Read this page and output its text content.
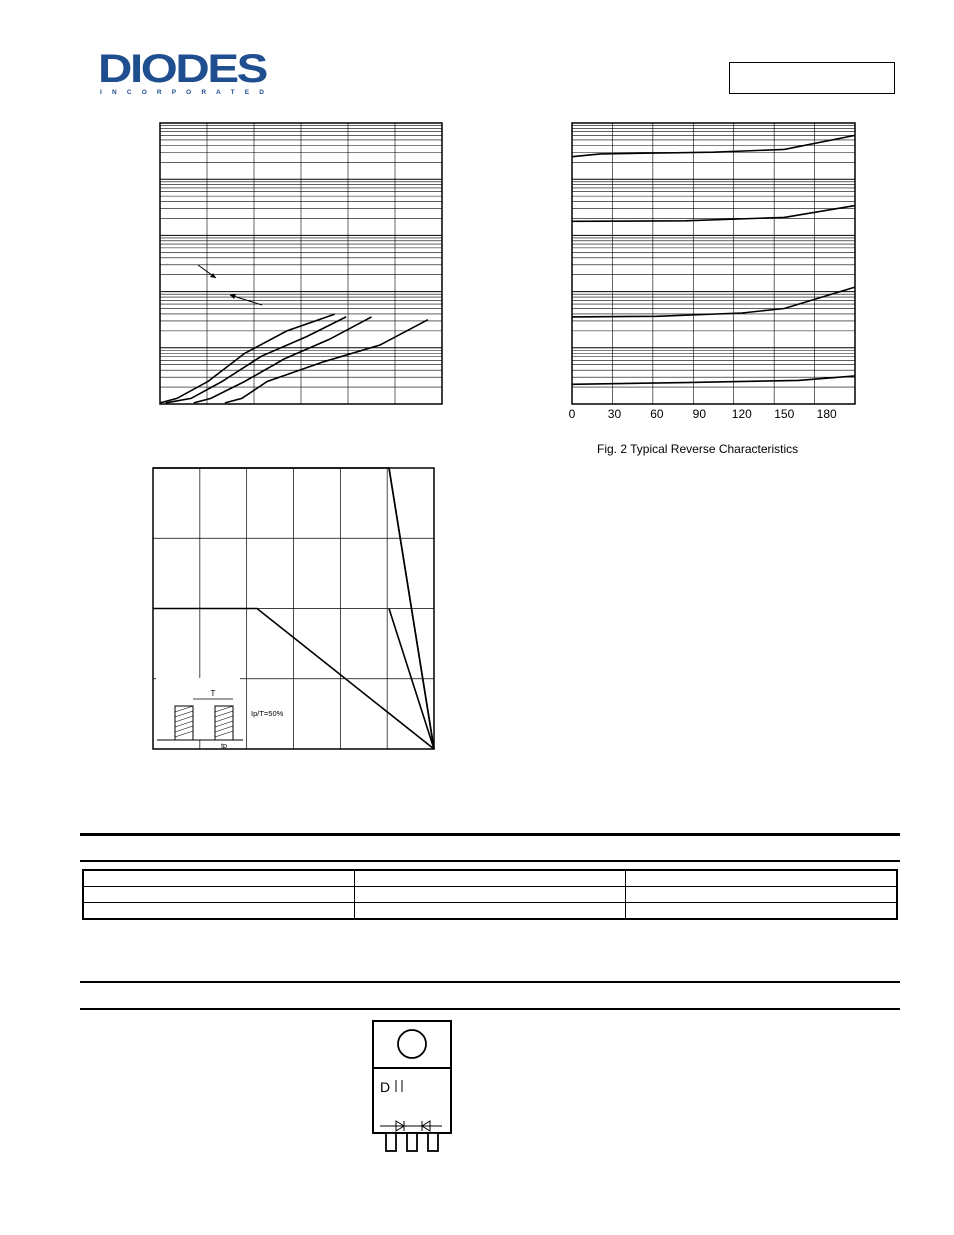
DIODES
I N C O R P O R A T E D
0	30 60 90 120 150 180
Fig. 2 Typical Reverse Characteristics
T
tp
Ip/T=50%
D
